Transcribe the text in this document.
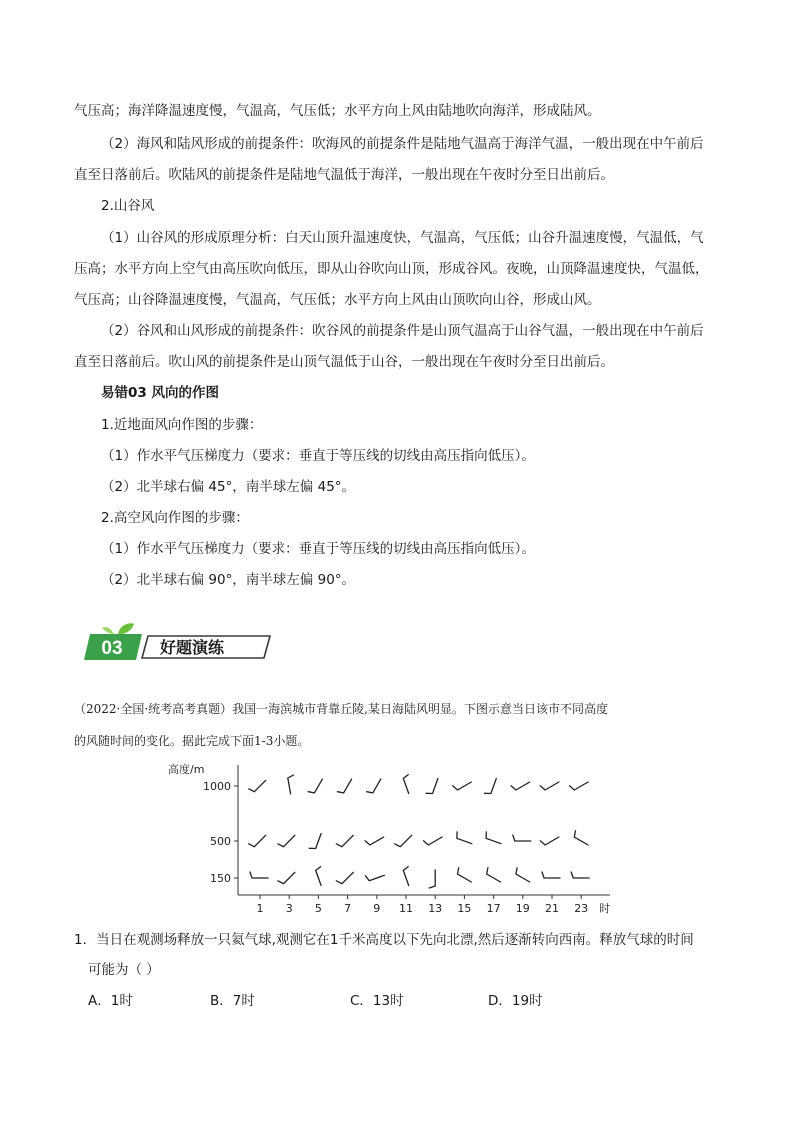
气压高；海洋降温速度慢，气温高，气压低；水平方向上风由陆地吹向海洋，形成陆风。
（2）海风和陆风形成的前提条件：吹海风的前提条件是陆地气温高于海洋气温，一般出现在中午前后
直至日落前后。吹陆风的前提条件是陆地气温低于海洋，一般出现在午夜时分至日出前后。
2.山谷风
（1）山谷风的形成原理分析：白天山顶升温速度快，气温高，气压低；山谷升温速度慢，气温低，气
压高；水平方向上空气由高压吹向低压，即从山谷吹向山顶，形成谷风。夜晚，山顶降温速度快，气温低，
气压高；山谷降温速度慢，气温高，气压低；水平方向上风由山顶吹向山谷，形成山风。
（2）谷风和山风形成的前提条件：吹谷风的前提条件是山顶气温高于山谷气温，一般出现在中午前后
直至日落前后。吹山风的前提条件是山顶气温低于山谷，一般出现在午夜时分至日出前后。
易错03 风向的作图
1.近地面风向作图的步骤：
（1）作水平气压梯度力（要求：垂直于等压线的切线由高压指向低压）。
（2）北半球右偏 45°，南半球左偏 45°。
2.高空风向作图的步骤：
（1）作水平气压梯度力（要求：垂直于等压线的切线由高压指向低压）。
（2）北半球右偏 90°，南半球左偏 90°。
03 好题演练
（2022·全国·统考高考真题）我国一海滨城市背靠丘陵,某日海陆风明显。下图示意当日该市不同高度
的风随时间的变化。据此完成下面1-3小题。
高度/m
1000
500
150
1 3 5 7 9 11 13 15 17 19 21 23 时
1．当日在观测场释放一只氦气球,观测它在1千米高度以下先向北漂,然后逐渐转向西南。释放气球的时间
可能为（ ）
A．1时	B．7时	C．13时	D．19时
